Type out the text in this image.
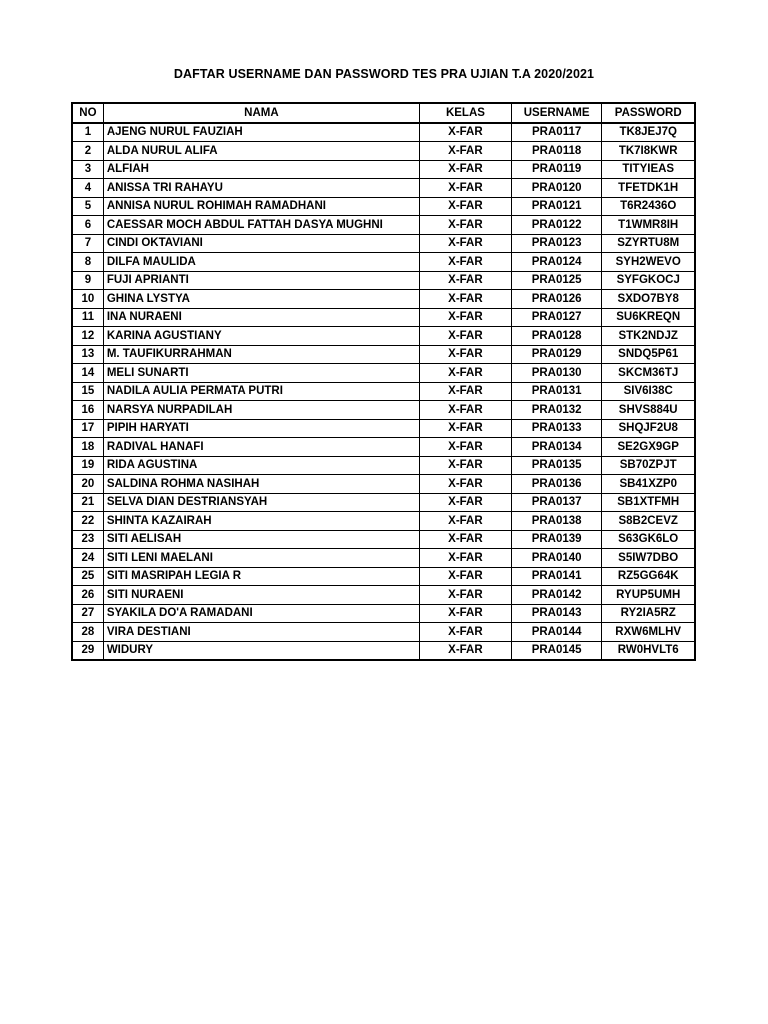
DAFTAR USERNAME DAN PASSWORD TES PRA UJIAN T.A 2020/2021
NO	NAMA	KELAS	USERNAME	PASSWORD
1	AJENG NURUL FAUZIAH	X-FAR	PRA0117	TK8JEJ7Q
2	ALDA NURUL ALIFA	X-FAR	PRA0118	TK7I8KWR
3	ALFIAH	X-FAR	PRA0119	TITYIEAS
4	ANISSA TRI RAHAYU	X-FAR	PRA0120	TFETDK1H
5	ANNISA NURUL ROHIMAH RAMADHANI	X-FAR	PRA0121	T6R2436O
6	CAESSAR MOCH ABDUL FATTAH DASYA MUGHNI	X-FAR	PRA0122	T1WMR8IH
7	CINDI OKTAVIANI	X-FAR	PRA0123	SZYRTU8M
8	DILFA MAULIDA	X-FAR	PRA0124	SYH2WEVO
9	FUJI APRIANTI	X-FAR	PRA0125	SYFGKOCJ
10	GHINA LYSTYA	X-FAR	PRA0126	SXDO7BY8
11	INA NURAENI	X-FAR	PRA0127	SU6KREQN
12	KARINA AGUSTIANY	X-FAR	PRA0128	STK2NDJZ
13	M. TAUFIKURRAHMAN	X-FAR	PRA0129	SNDQ5P61
14	MELI SUNARTI	X-FAR	PRA0130	SKCM36TJ
15	NADILA AULIA PERMATA PUTRI	X-FAR	PRA0131	SIV6I38C
16	NARSYA NURPADILAH	X-FAR	PRA0132	SHVS884U
17	PIPIH HARYATI	X-FAR	PRA0133	SHQJF2U8
18	RADIVAL HANAFI	X-FAR	PRA0134	SE2GX9GP
19	RIDA AGUSTINA	X-FAR	PRA0135	SB70ZPJT
20	SALDINA ROHMA NASIHAH	X-FAR	PRA0136	SB41XZP0
21	SELVA DIAN DESTRIANSYAH	X-FAR	PRA0137	SB1XTFMH
22	SHINTA KAZAIRAH	X-FAR	PRA0138	S8B2CEVZ
23	SITI AELISAH	X-FAR	PRA0139	S63GK6LO
24	SITI LENI MAELANI	X-FAR	PRA0140	S5IW7DBO
25	SITI MASRIPAH LEGIA R	X-FAR	PRA0141	RZ5GG64K
26	SITI NURAENI	X-FAR	PRA0142	RYUP5UMH
27	SYAKILA DO'A RAMADANI	X-FAR	PRA0143	RY2IA5RZ
28	VIRA DESTIANI	X-FAR	PRA0144	RXW6MLHV
29	WIDURY	X-FAR	PRA0145	RW0HVLT6
